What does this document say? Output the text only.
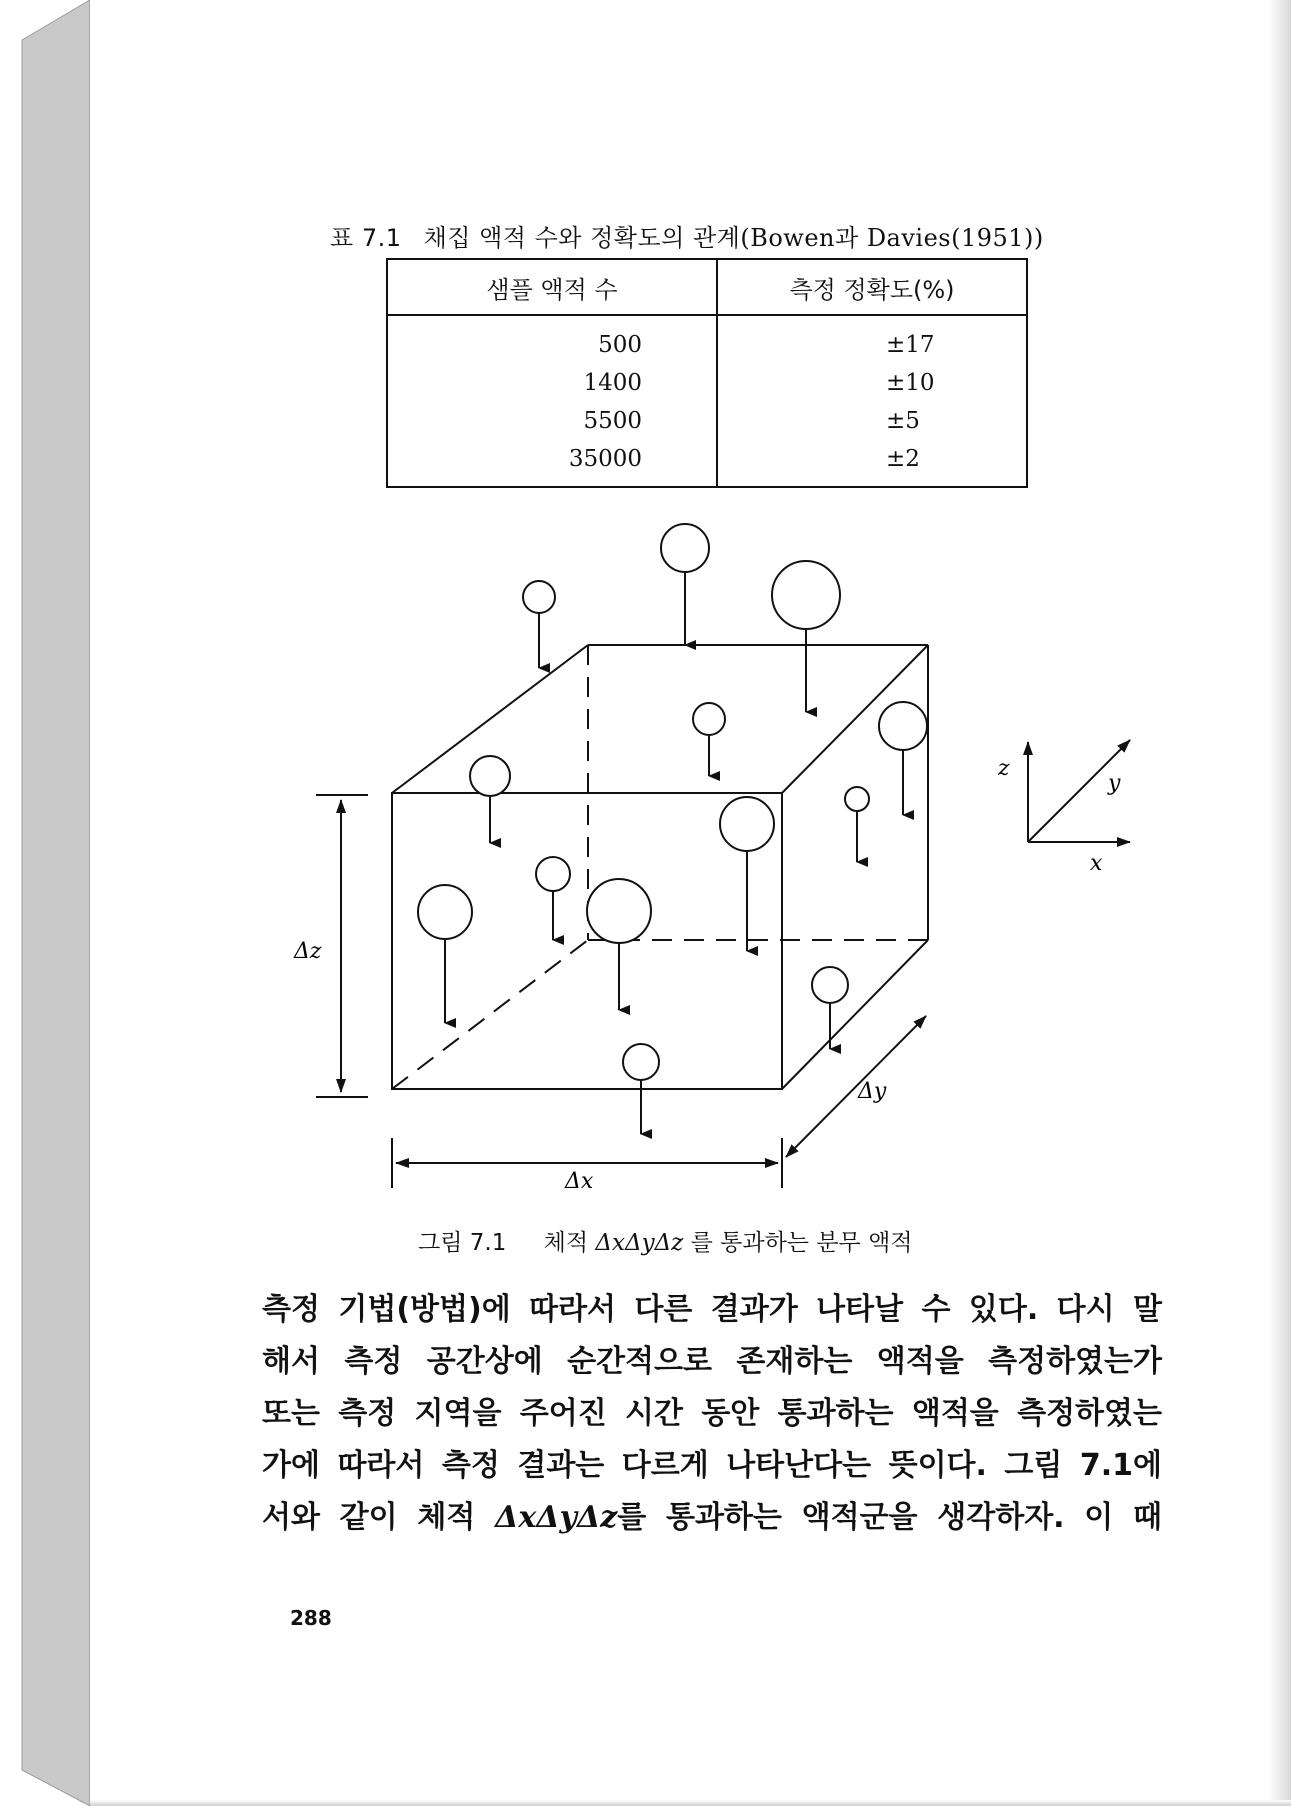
표 7.1 채집 액적 수와 정확도의 관계(Bowen과 Davies(1951))
샘플 액적 수	측정 정확도(%)
500	±17
1400	±10
5500	±5
35000	±2
Δz
Δx
Δy
z
y
x
그림 7.1 체적 ΔxΔyΔz 를 통과하는 분무 액적
측정 기법(방법)에 따라서 다른 결과가 나타날 수 있다. 다시 말
해서 측정 공간상에 순간적으로 존재하는 액적을 측정하였는가
또는 측정 지역을 주어진 시간 동안 통과하는 액적을 측정하였는
가에 따라서 측정 결과는 다르게 나타난다는 뜻이다. 그림 7.1에
서와 같이 체적 ΔxΔyΔz를 통과하는 액적군을 생각하자. 이 때
288
